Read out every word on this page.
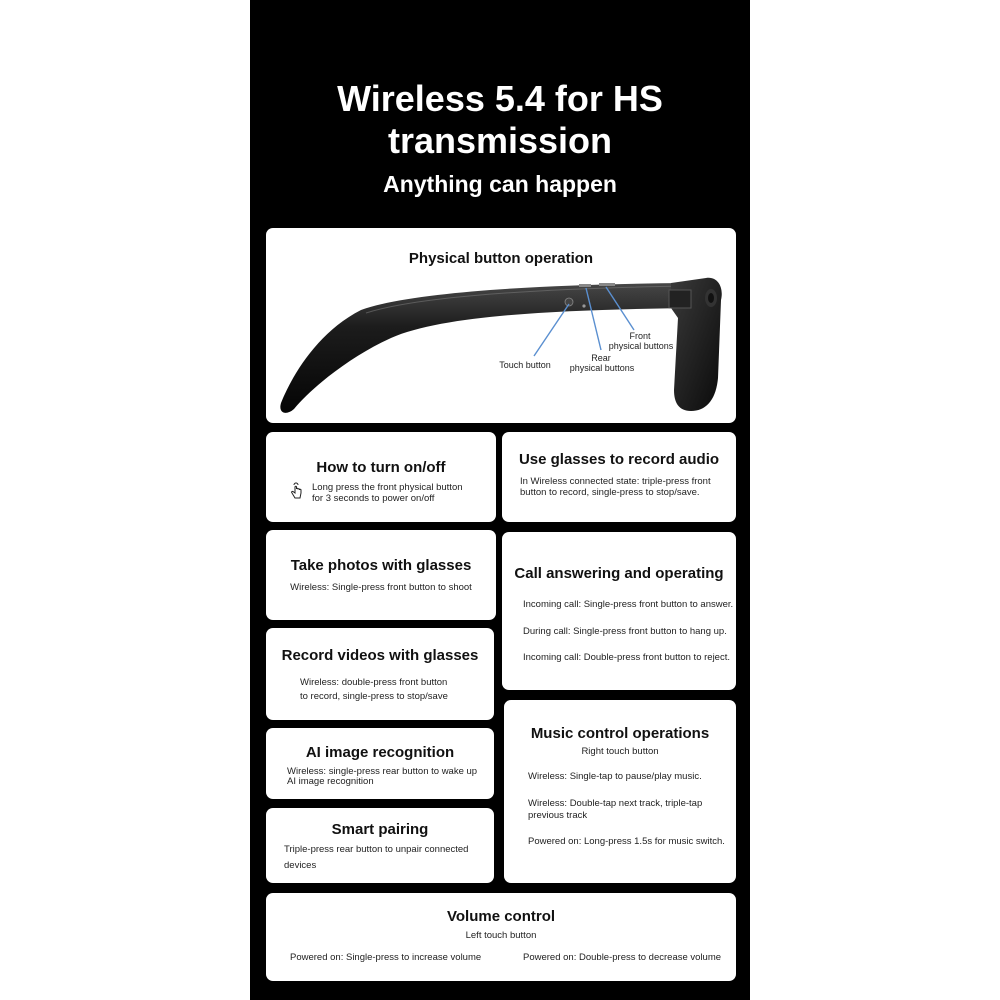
Wireless 5.4 for HS
transmission
Anything can happen
Physical button operation
Touch button
Rear
physical buttons
Front
physical buttons
How to turn on/off
Long press the front physical button
for 3 seconds to power on/off
Use glasses to record audio
In Wireless connected state: triple-press front
button to record, single-press to stop/save.
Take photos with glasses
Wireless: Single-press front button to shoot
Call answering and operating
Incoming call: Single-press front button to answer.
During call: Single-press front button to hang up.
Incoming call: Double-press front button to reject.
Record videos with glasses
Wireless: double-press front button
to record, single-press to stop/save
AI image recognition
Wireless: single-press rear button to wake up
AI image recognition
Music control operations
Right touch button
Wireless: Single-tap to pause/play music.
Wireless: Double-tap next track, triple-tap
previous track
Powered on: Long-press 1.5s for music switch.
Smart pairing
Triple-press rear button to unpair connected
devices
Volume control
Left touch button
Powered on: Single-press to increase volume	Powered on: Double-press to decrease volume
